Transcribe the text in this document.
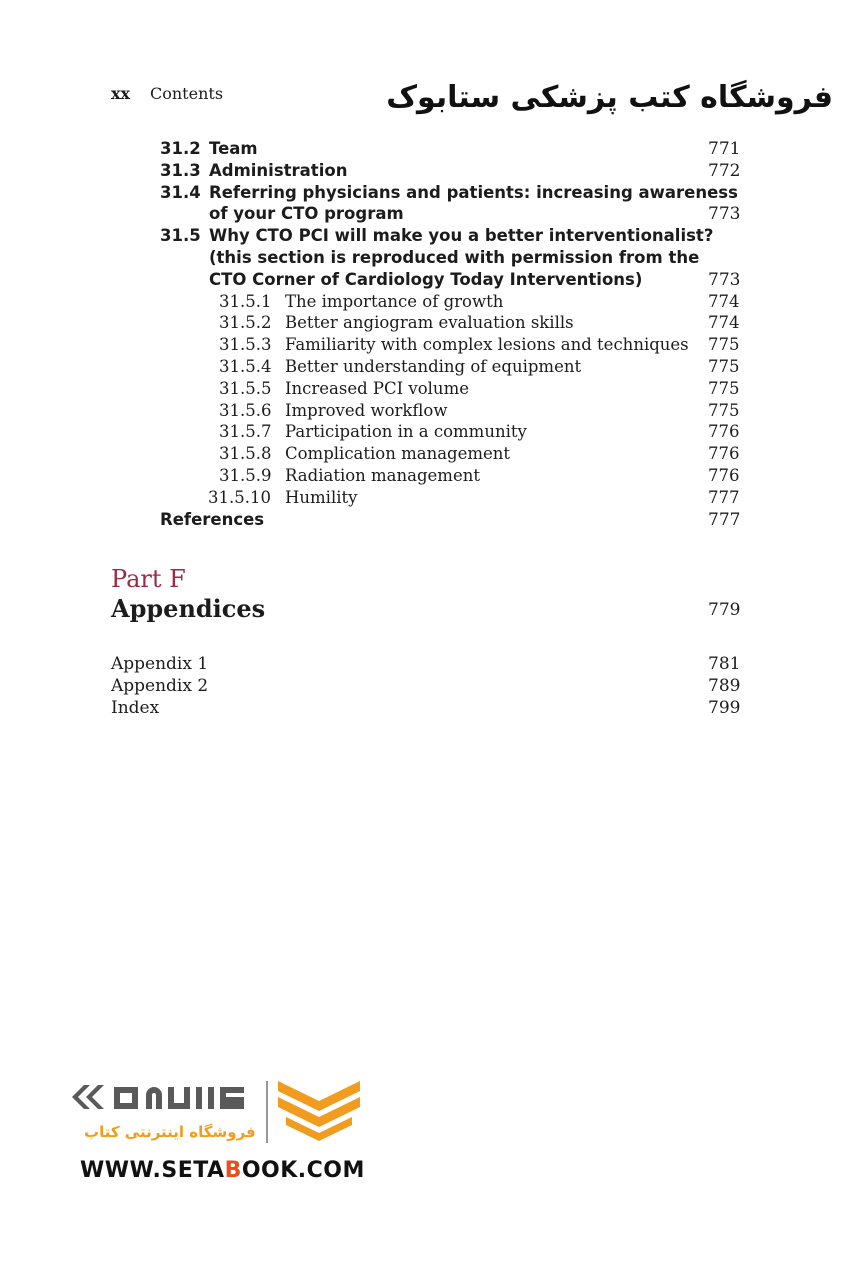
xx Contents	فروشگاه کتب پزشکی ستابوک
31.2 Team	771
31.3 Administration	772
31.4 Referring physicians and patients: increasing awareness
of your CTO program	773
31.5 Why CTO PCI will make you a better interventionalist?
(this section is reproduced with permission from the
CTO Corner of Cardiology Today Interventions)	773
31.5.1 The importance of growth	774
31.5.2 Better angiogram evaluation skills	774
31.5.3 Familiarity with complex lesions and techniques 775
31.5.4 Better understanding of equipment	775
31.5.5 Increased PCI volume	775
31.5.6 Improved workflow	775
31.5.7 Participation in a community	776
31.5.8 Complication management	776
31.5.9 Radiation management	776
31.5.10 Humility	777
References	777
Part F
Appendices	779
Appendix 1	781
Appendix 2	789
Index	799
فروشگاه اینترنتی کتاب
WWW.SETABOOK.COM
